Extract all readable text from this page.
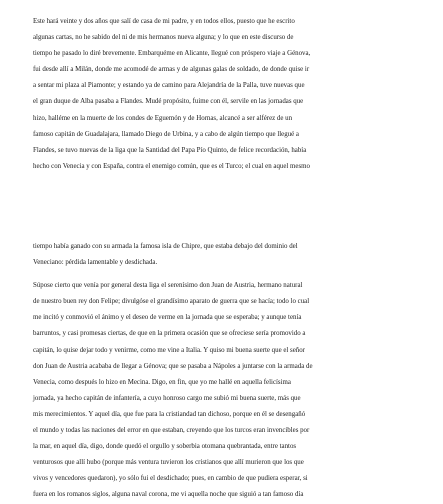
Este hará veinte y dos años que salí de casa de mi padre, y en todos ellos, puesto que he escrito
algunas cartas, no he sabido del ni de mis hermanos nueva alguna; y lo que en este discurso de
tiempo he pasado lo diré brevemente. Embarquéme en Alicante, llegué con próspero viaje a Génova,
fui desde allí a Milán, donde me acomodé de armas y de algunas galas de soldado, de donde quise ir
a sentar mi plaza al Piamonte; y estando ya de camino para Alejandría de la Palla, tuve nuevas que
el gran duque de Alba pasaba a Flandes. Mudé propósito, fuime con él, servile en las jornadas que
hizo, halléme en la muerte de los condes de Eguemón y de Hornas, alcancé a ser alférez de un
famoso capitán de Guadalajara, llamado Diego de Urbina, y a cabo de algún tiempo que llegué a
Flandes, se tuvo nuevas de la liga que la Santidad del Papa Pío Quinto, de felice recordación, había
hecho con Venecia y con España, contra el enemigo común, que es el Turco; el cual en aquel mesmo
tiempo había ganado con su armada la famosa isla de Chipre, que estaba debajo del dominio del
Veneciano: pérdida lamentable y desdichada.
Súpose cierto que venía por general desta liga el serenísimo don Juan de Austria, hermano natural
de nuestro buen rey don Felipe; divulgóse el grandísimo aparato de guerra que se hacía; todo lo cual
me incitó y conmovió el ánimo y el deseo de verme en la jornada que se esperaba; y aunque tenía
barruntos, y casi promesas ciertas, de que en la primera ocasión que se ofreciese sería promovido a
capitán, lo quise dejar todo y venirme, como me vine a Italia. Y quiso mi buena suerte que el señor
don Juan de Austria acababa de llegar a Génova; que se pasaba a Nápoles a juntarse con la armada de
Venecia, como después lo hizo en Mecina. Digo, en fin, que yo me hallé en aquella felicísima
jornada, ya hecho capitán de infantería, a cuyo honroso cargo me subió mi buena suerte, más que
mis merecimientos. Y aquel día, que fue para la cristiandad tan dichoso, porque en él se desengañó
el mundo y todas las naciones del error en que estaban, creyendo que los turcos eran invencibles por
la mar, en aquel día, digo, donde quedó el orgullo y soberbia otomana quebrantada, entre tantos
venturosos que allí hubo (porque más ventura tuvieron los cristianos que allí murieron que los que
vivos y vencedores quedaron), yo sólo fui el desdichado; pues, en cambio de que pudiera esperar, si
fuera en los romanos siglos, alguna naval corona, me vi aquella noche que siguió a tan famoso día
